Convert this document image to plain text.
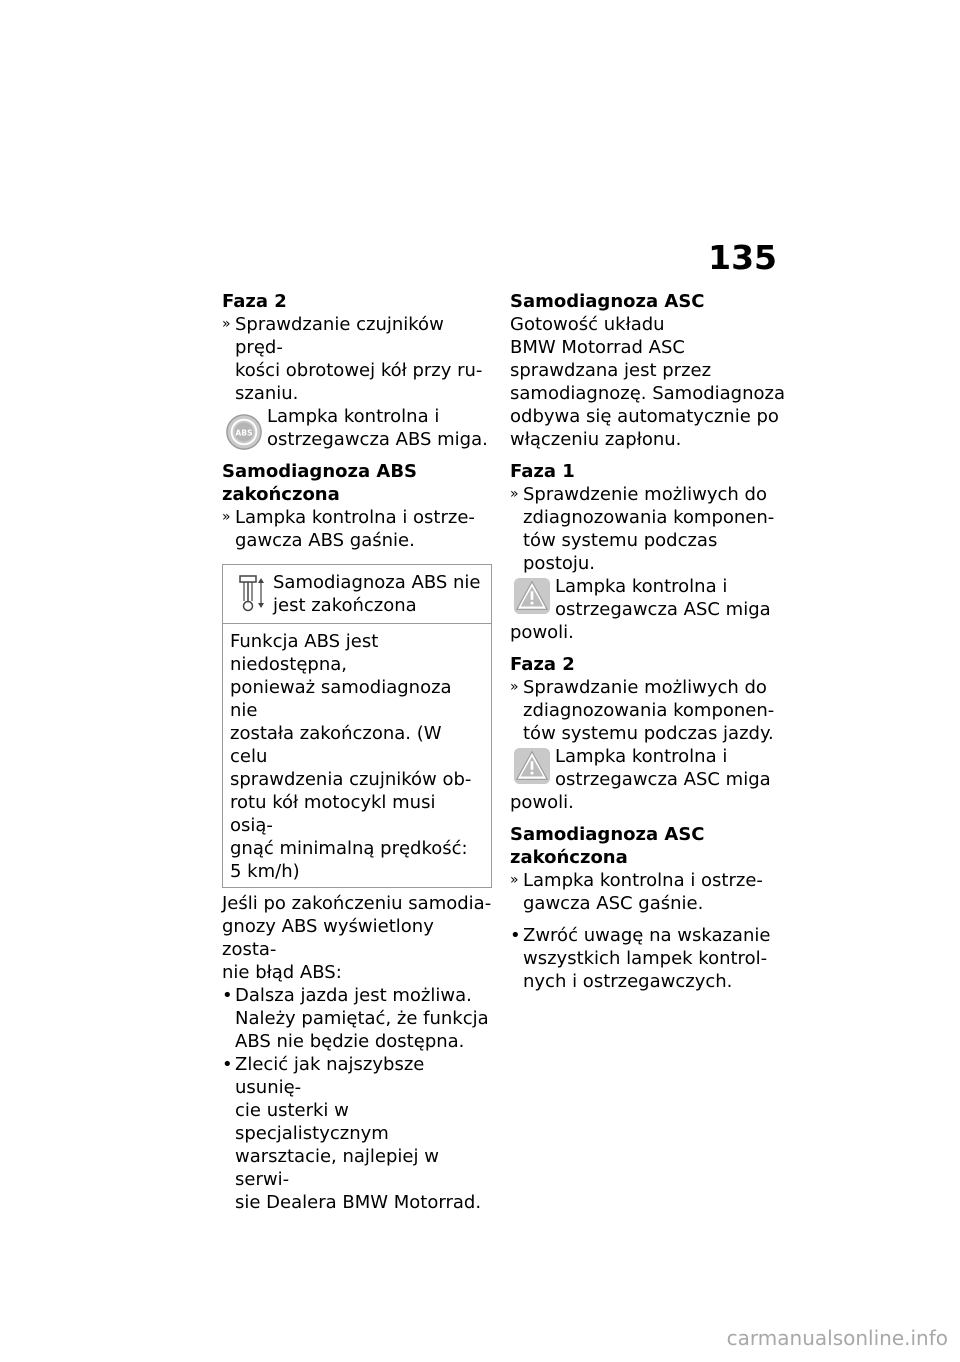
135
Faza 2
» Sprawdzanie czujników pręd-

kości obrotowej kół przy ru-

szaniu.

ABS

Lampka kontrolna i

ostrzegawcza ABS miga.

Samodiagnoza ABS
zakończona
» Lampka kontrolna i ostrze-

gawcza ABS gaśnie.

Samodiagnoza ABS nie

jest zakończona

Funkcja ABS jest niedostępna,

ponieważ samodiagnoza nie

została zakończona. (W celu

sprawdzenia czujników ob-

rotu kół motocykl musi osią-

gnąć minimalną prędkość:

5 km/h)

Jeśli po zakończeniu samodia-

gnozy ABS wyświetlony zosta-

nie błąd ABS:

• Dalsza jazda jest możliwa.

Należy pamiętać, że funkcja

ABS nie będzie dostępna.

• Zlecić jak najszybsze usunię-

cie usterki w specjalistycznym

warsztacie, najlepiej w serwi-

sie Dealera BMW Motorrad.

Samodiagnoza ASC

Gotowość układu

BMW Motorrad ASC

sprawdzana jest przez

samodiagnozę. Samodiagnoza

odbywa się automatycznie po

włączeniu zapłonu.

Faza 1
» Sprawdzenie możliwych do

zdiagnozowania komponen-

tów systemu podczas postoju.

Lampka kontrolna i

ostrzegawcza ASC miga

powoli.

Faza 2
» Sprawdzanie możliwych do

zdiagnozowania komponen-

tów systemu podczas jazdy.

Lampka kontrolna i

ostrzegawcza ASC miga

powoli.

Samodiagnoza ASC
zakończona
» Lampka kontrolna i ostrze-

gawcza ASC gaśnie.

• Zwróć uwagę na wskazanie

wszystkich lampek kontrol-

nych i ostrzegawczych.

carmanualsonline.info
